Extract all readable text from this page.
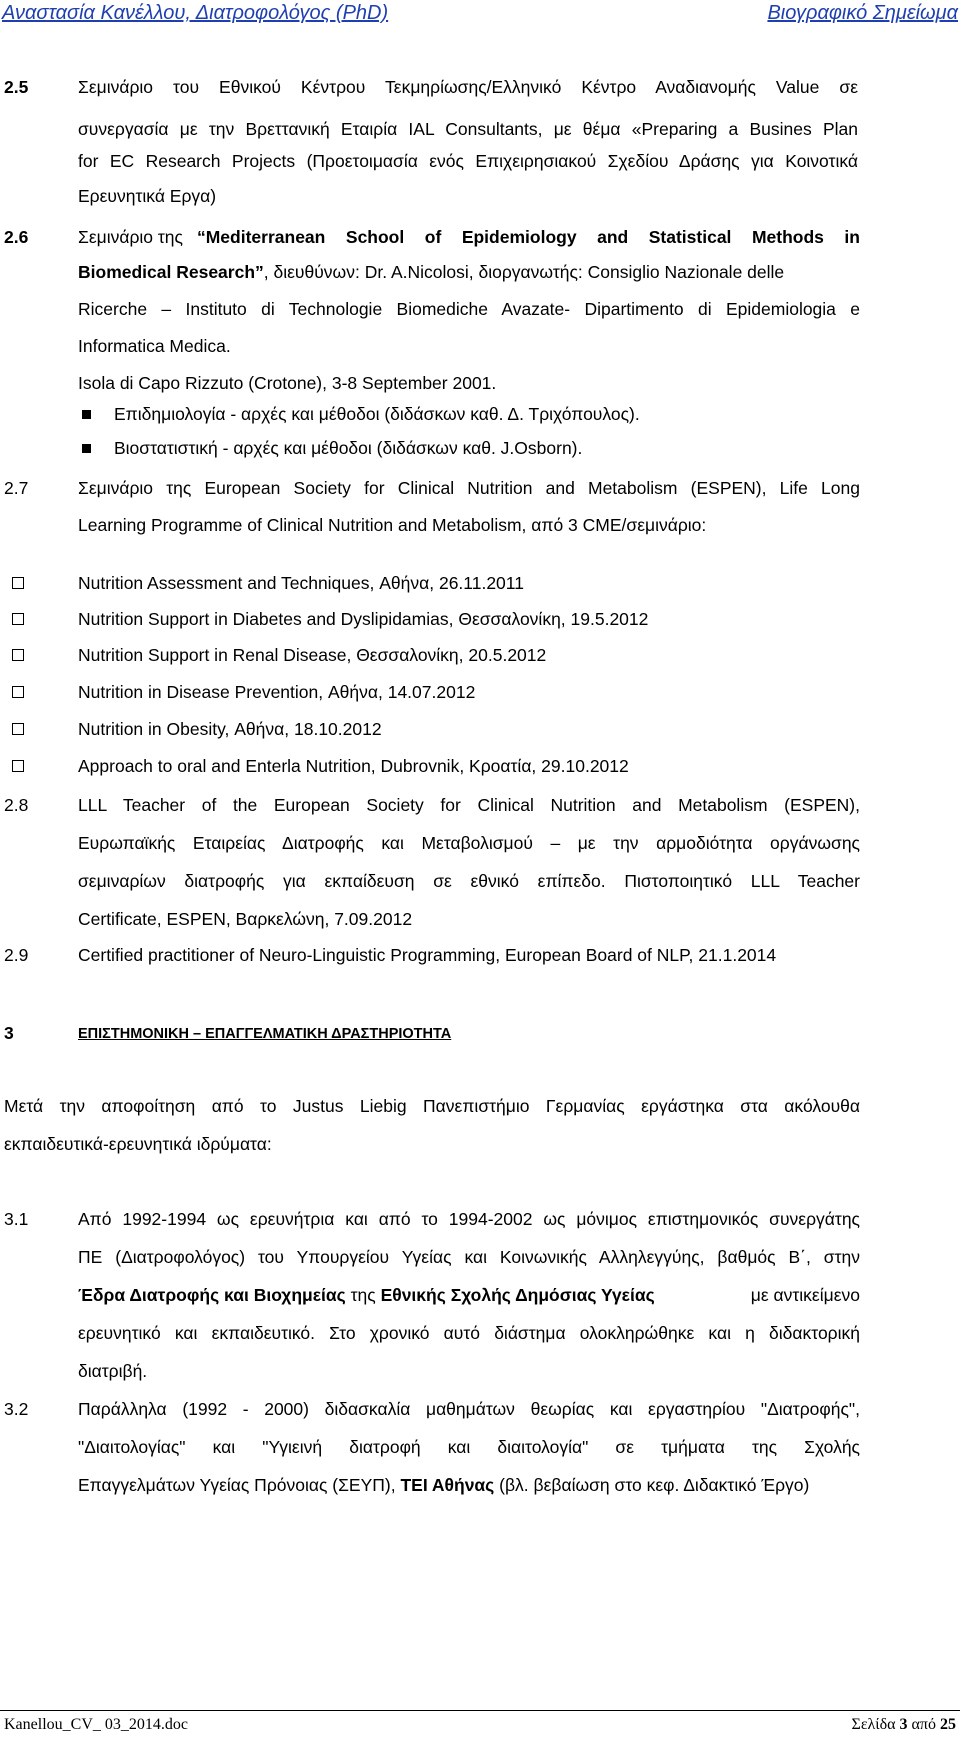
Αναστασία Κανέλλου, Διατροφολόγος (PhD)	Βιογραφικό Σημείωμα
2.5	Σεμινάριο του Εθνικού Κέντρου Τεκμηρίωσης/Ελληνικό Κέντρο Αναδιανομής Value σε
συνεργασία με την Βρεττανική Εταιρία IAL Consultants, με θέμα «Preparing a Busines Plan
for EC Research Projects (Προετοιμασία ενός Επιχειρησιακού Σχεδίου Δράσης για Κοινοτικά
Ερευνητικά Εργα)
2.6	Σεμινάριο της “Mediterranean School of Epidemiology and Statistical Methods in
Biomedical Research”, διευθύνων: Dr. A.Nicolosi, διοργανωτής: Consiglio Nazionale delle
Ricerche – Instituto di Technologie Biomediche Avazate- Dipartimento di Epidemiologia e
Informatica Medica.
Isola di Capo Rizzuto (Crotone), 3-8 September 2001.
Επιδημιολογία - αρχές και μέθοδοι (διδάσκων καθ. Δ. Τριχόπουλος).
Βιοστατιστική - αρχές και μέθοδοι (διδάσκων καθ. J.Osborn).
2.7	Σεμινάριο της European Society for Clinical Nutrition and Metabolism (ESPEN), Life Long
Learning Programme of Clinical Nutrition and Metabolism, από 3 CME/σεμινάριο:
Nutrition Assessment and Techniques, Αθήνα, 26.11.2011
Nutrition Support in Diabetes and Dyslipidamias, Θεσσαλονίκη, 19.5.2012
Nutrition Support in Renal Disease, Θεσσαλονίκη, 20.5.2012
Nutrition in Disease Prevention, Αθήνα, 14.07.2012
Nutrition in Obesity, Αθήνα, 18.10.2012
Approach to oral and Enterla Nutrition, Dubrovnik, Κροατία, 29.10.2012
2.8	LLL Teacher of the European Society for Clinical Nutrition and Metabolism (ESPEN),
Ευρωπαϊκής Εταιρείας Διατροφής και Μεταβολισμού – με την αρμοδιότητα οργάνωσης
σεμιναρίων διατροφής για εκπαίδευση σε εθνικό επίπεδο. Πιστοποιητικό LLL Teacher
Certificate, ESPEN, Βαρκελώνη, 7.09.2012
2.9	Certified practitioner of Neuro-Linguistic Programming, European Board of NLP, 21.1.2014
3	ΕΠΙΣΤΗΜΟΝΙΚΗ – ΕΠΑΓΓΕΛΜΑΤΙΚΗ ΔΡΑΣΤΗΡΙΟΤΗΤΑ
Μετά την αποφοίτηση από το Justus Liebig Πανεπιστήμιο Γερμανίας εργάστηκα στα ακόλουθα
εκπαιδευτικά-ερευνητικά ιδρύματα:
3.1	Από 1992-1994 ως ερευνήτρια και από το 1994-2002 ως μόνιμος επιστημονικός συνεργάτης
ΠΕ (Διατροφολόγος) του Υπουργείου Υγείας και Κοινωνικής Αλληλεγγύης, βαθμός Β΄, στην
Έδρα Διατροφής και Βιοχημείας της Εθνικής Σχολής Δημόσιας Υγείας	με αντικείμενο
ερευνητικό και εκπαιδευτικό. Στο χρονικό αυτό διάστημα ολοκληρώθηκε και η διδακτορική
διατριβή.
3.2	Παράλληλα (1992 - 2000) διδασκαλία μαθημάτων θεωρίας και εργαστηρίου "Διατροφής",
"Διαιτολογίας" και "Υγιεινή διατροφή και διαιτολογία" σε τμήματα της Σχολής
Επαγγελμάτων Υγείας Πρόνοιας (ΣΕΥΠ), ΤΕΙ Αθήνας (βλ. βεβαίωση στο κεφ. Διδακτικό Έργο)
Kanellou_CV_ 03_2014.doc	Σελίδα 3 από 25
